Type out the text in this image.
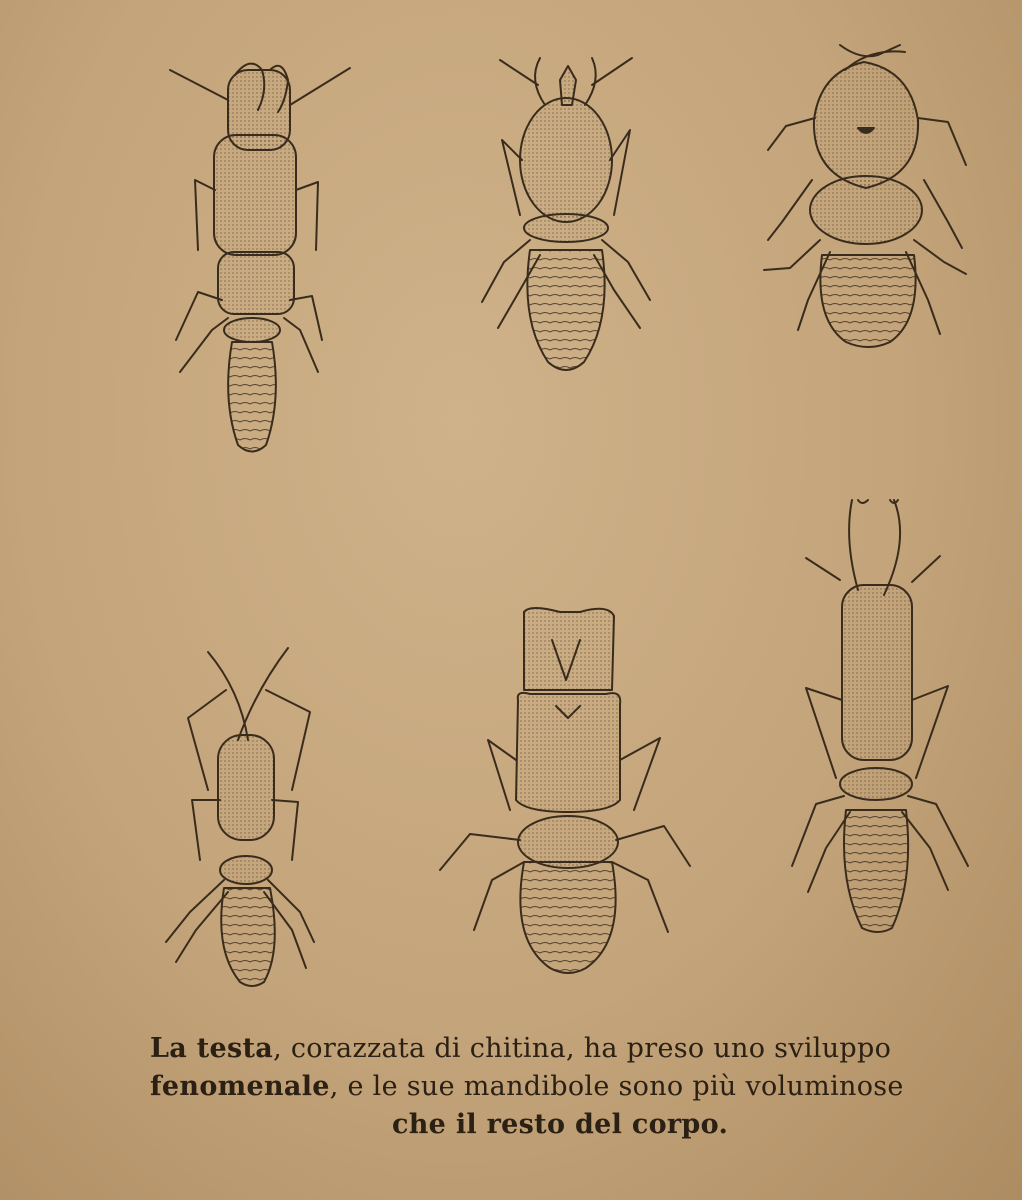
La testa, corazzata di chitina, ha preso uno sviluppo
fenomenale, e le sue mandibole sono più voluminose
che il resto del corpo.
